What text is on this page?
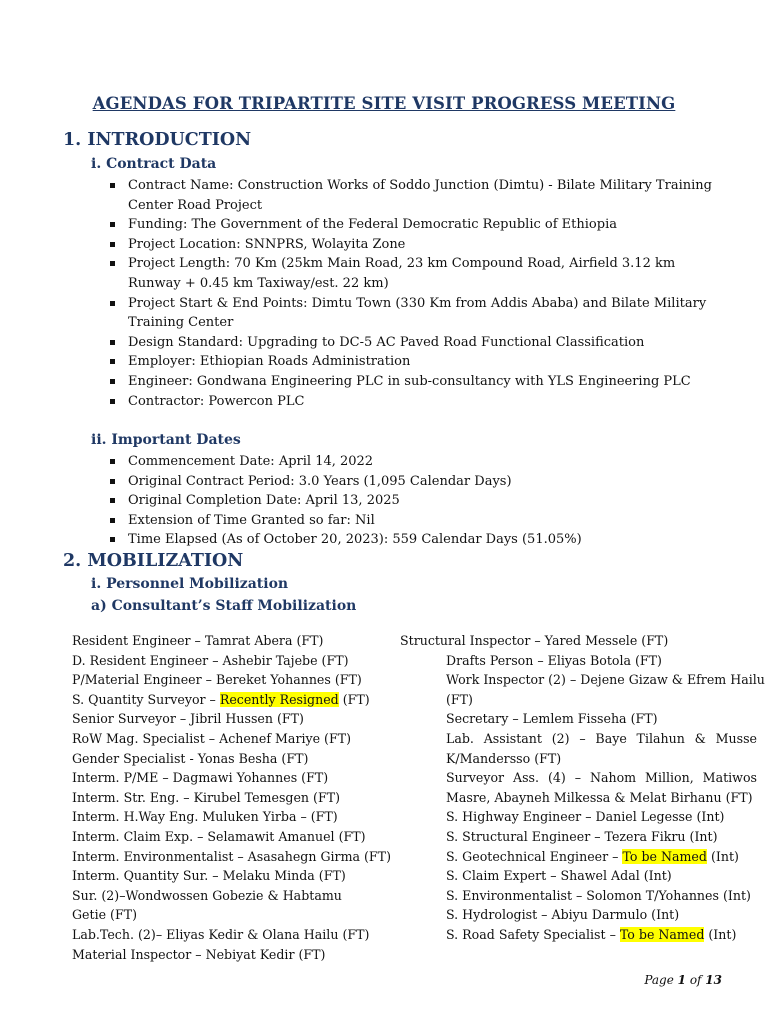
AGENDAS FOR TRIPARTITE SITE VISIT PROGRESS MEETING
1. INTRODUCTION
i. Contract Data
Contract Name: Construction Works of Soddo Junction (Dimtu) - Bilate Military Training Center Road Project
Funding: The Government of the Federal Democratic Republic of Ethiopia
Project Location: SNNPRS, Wolayita Zone
Project Length: 70 Km (25km Main Road, 23 km Compound Road, Airfield 3.12 km Runway + 0.45 km Taxiway/est. 22 km)
Project Start & End Points: Dimtu Town (330 Km from Addis Ababa) and Bilate Military Training Center
Design Standard: Upgrading to DC-5 AC Paved Road Functional Classification
Employer: Ethiopian Roads Administration
Engineer: Gondwana Engineering PLC in sub-consultancy with YLS Engineering PLC
Contractor: Powercon PLC
ii. Important Dates
Commencement Date: April 14, 2022
Original Contract Period: 3.0 Years (1,095 Calendar Days)
Original Completion Date: April 13, 2025
Extension of Time Granted so far: Nil
Time Elapsed (As of October 20, 2023): 559 Calendar Days (51.05%)
2. MOBILIZATION
i. Personnel Mobilization
a) Consultant’s Staff Mobilization
Resident Engineer – Tamrat Abera (FT)
D. Resident Engineer – Ashebir Tajebe (FT)
P/Material Engineer – Bereket Yohannes (FT)
S. Quantity Surveyor – Recently Resigned (FT)
Senior Surveyor – Jibril Hussen (FT)
RoW Mag. Specialist – Achenef Mariye (FT)
Gender Specialist - Yonas Besha (FT)
Interm. P/ME – Dagmawi Yohannes (FT)
Interm. Str. Eng. – Kirubel Temesgen (FT)
Interm. H.Way Eng. Muluken Yirba – (FT)
Interm. Claim Exp. – Selamawit Amanuel (FT)
Interm. Environmentalist – Asasahegn Girma (FT)
Interm. Quantity Sur. – Melaku Minda (FT)
Sur. (2)–Wondwossen Gobezie & Habtamu
Getie (FT)
Lab.Tech. (2)– Eliyas Kedir & Olana Hailu (FT)
Material Inspector – Nebiyat Kedir (FT)
Structural Inspector – Yared Messele (FT)
Drafts Person – Eliyas Botola (FT)
Work Inspector (2) – Dejene Gizaw & Efrem Hailu
(FT)
Secretary – Lemlem Fisseha (FT)
Lab. Assistant (2) – Baye Tilahun & Musse
K/Mandersso (FT)
Surveyor Ass. (4) – Nahom Million, Matiwos
Masre, Abayneh Milkessa & Melat Birhanu (FT)
S. Highway Engineer – Daniel Legesse (Int)
S. Structural Engineer – Tezera Fikru (Int)
S. Geotechnical Engineer – To be Named (Int)
S. Claim Expert – Shawel Adal (Int)
S. Environmentalist – Solomon T/Yohannes (Int)
S. Hydrologist – Abiyu Darmulo (Int)
S. Road Safety Specialist – To be Named (Int)
Page 1 of 13
